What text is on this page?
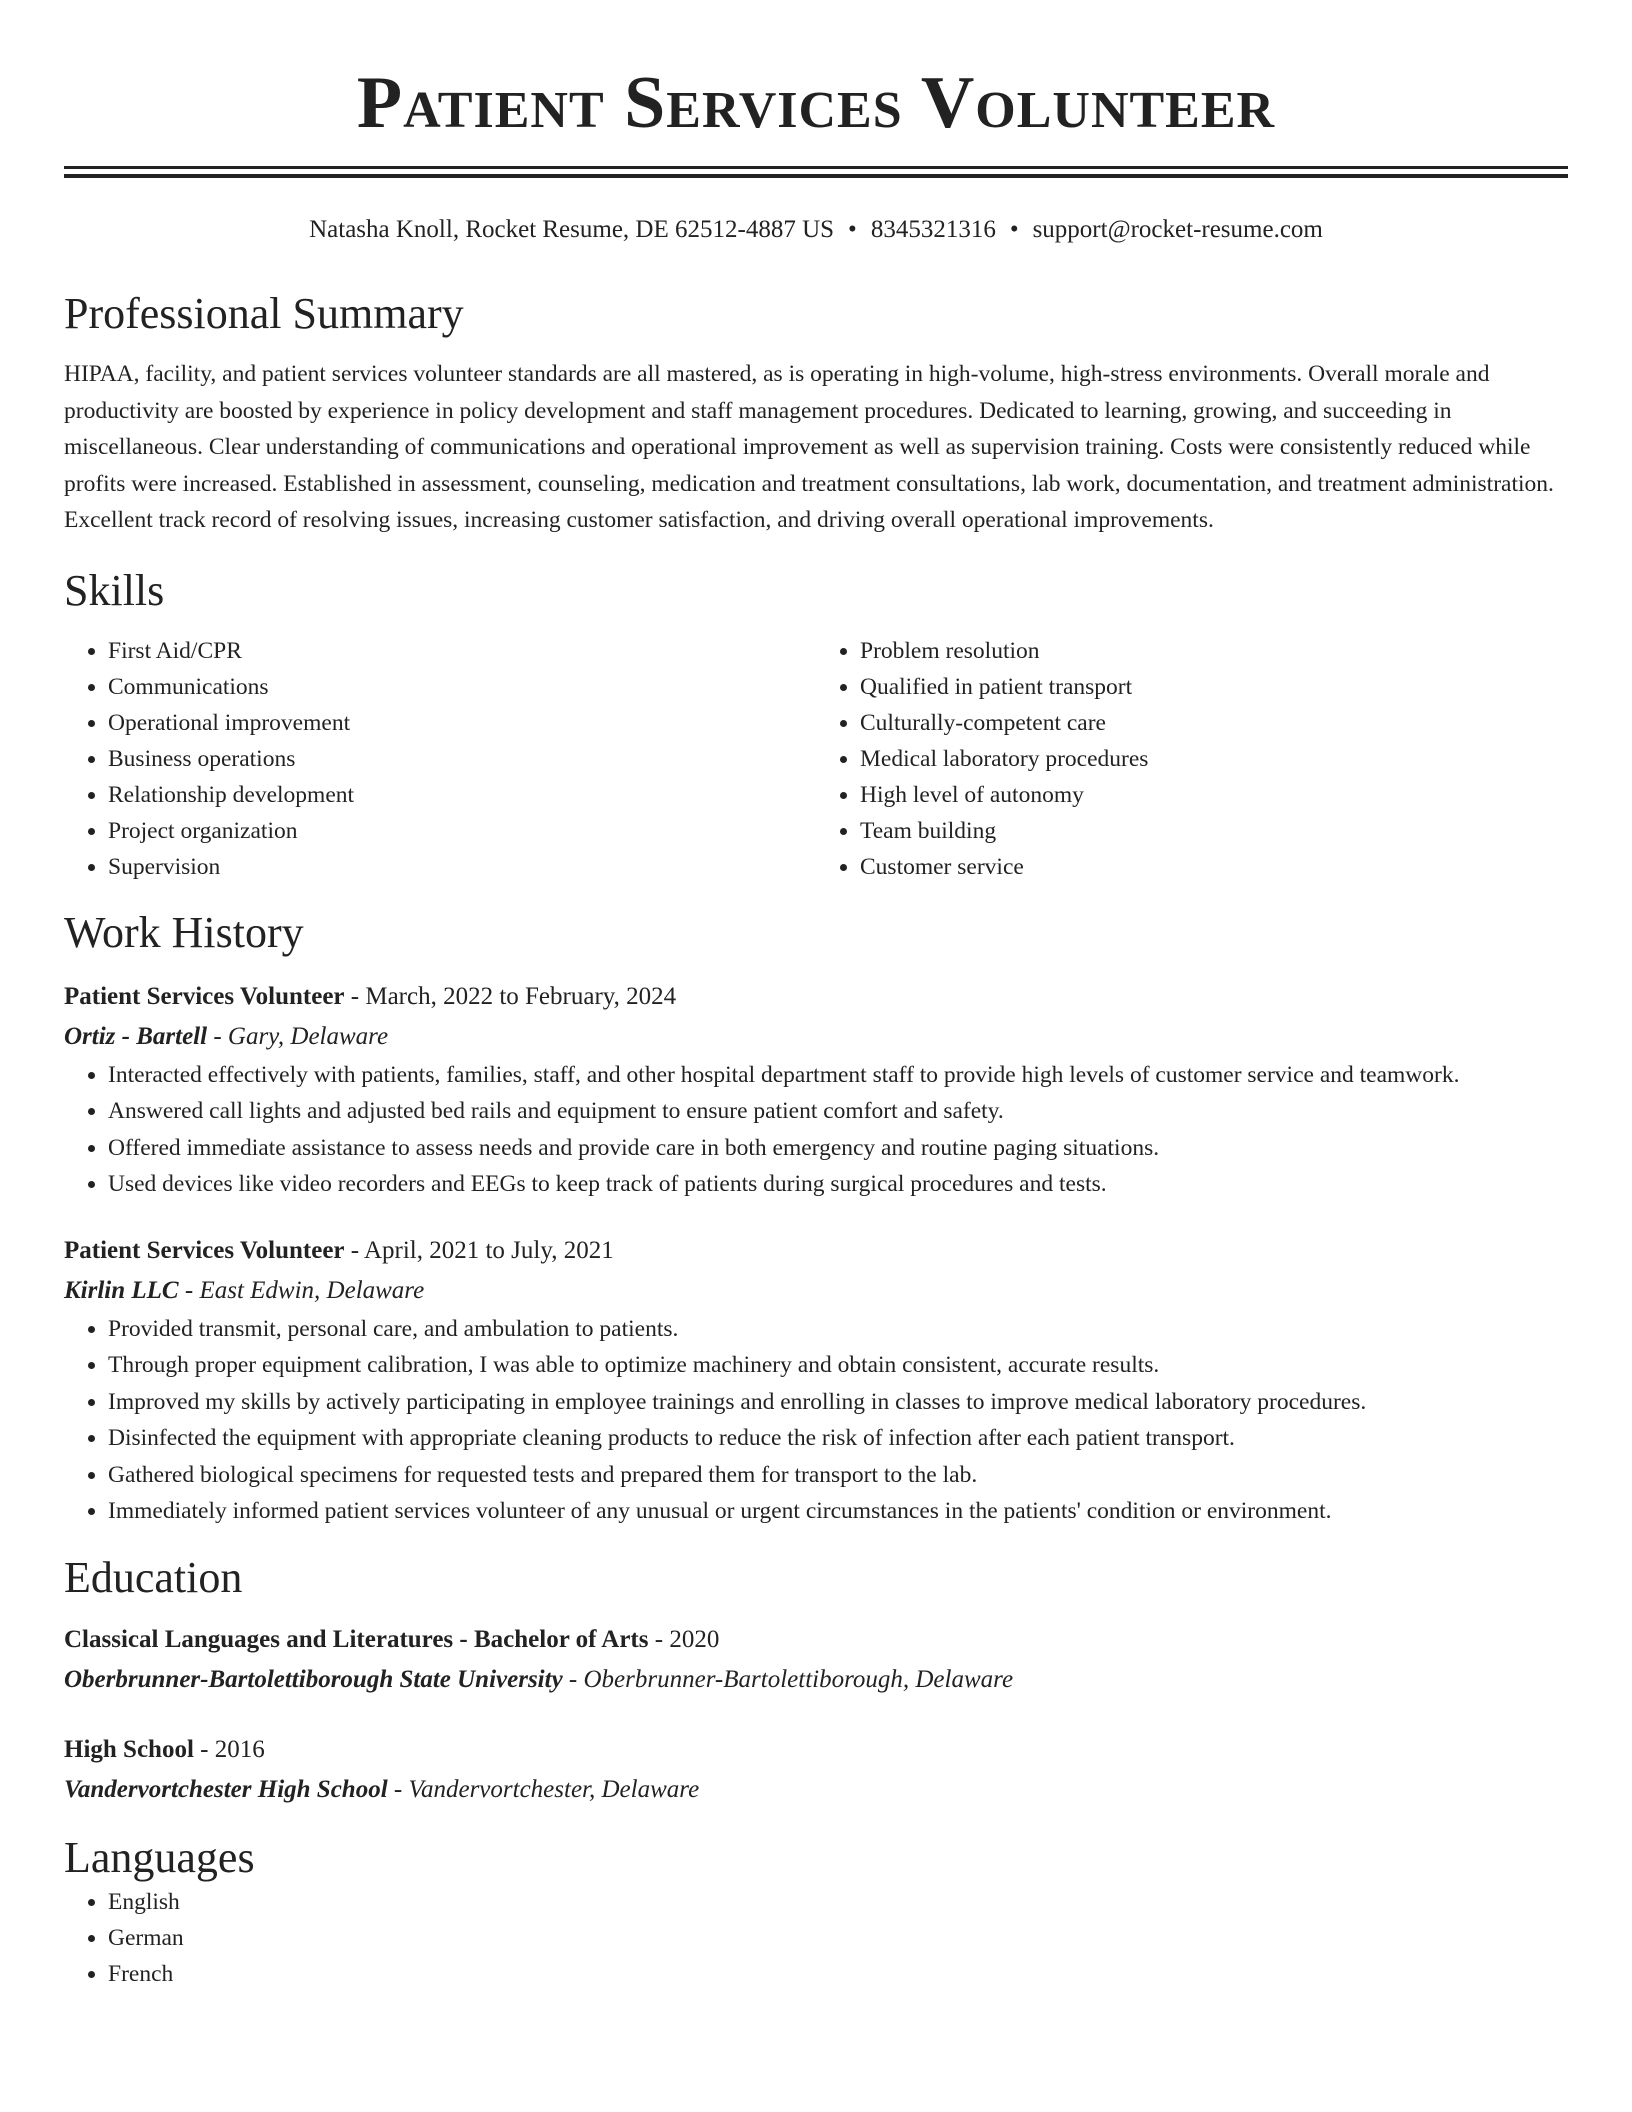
Patient Services Volunteer
Natasha Knoll, Rocket Resume, DE 62512-4887 US • 8345321316 • support@rocket-resume.com
Professional Summary

HIPAA, facility, and patient services volunteer standards are all mastered, as is operating in high-volume, high-stress environments. Overall morale and productivity are boosted by experience in policy development and staff management procedures. Dedicated to learning, growing, and succeeding in miscellaneous. Clear understanding of communications and operational improvement as well as supervision training. Costs were consistently reduced while profits were increased. Established in assessment, counseling, medication and treatment consultations, lab work, documentation, and treatment administration. Excellent track record of resolving issues, increasing customer satisfaction, and driving overall operational improvements.

Skills
• First Aid/CPR
• Communications
• Operational improvement
• Business operations
• Relationship development
• Project organization
• Supervision
• Problem resolution
• Qualified in patient transport
• Culturally-competent care
• Medical laboratory procedures
• High level of autonomy
• Team building
• Customer service
Work History
Patient Services Volunteer - March, 2022 to February, 2024
Ortiz - Bartell - Gary, Delaware
• Interacted effectively with patients, families, staff, and other hospital department staff to provide high levels of customer service and teamwork.
• Answered call lights and adjusted bed rails and equipment to ensure patient comfort and safety.
• Offered immediate assistance to assess needs and provide care in both emergency and routine paging situations.
• Used devices like video recorders and EEGs to keep track of patients during surgical procedures and tests.
Patient Services Volunteer - April, 2021 to July, 2021
Kirlin LLC - East Edwin, Delaware
• Provided transmit, personal care, and ambulation to patients.
• Through proper equipment calibration, I was able to optimize machinery and obtain consistent, accurate results.
• Improved my skills by actively participating in employee trainings and enrolling in classes to improve medical laboratory procedures.
• Disinfected the equipment with appropriate cleaning products to reduce the risk of infection after each patient transport.
• Gathered biological specimens for requested tests and prepared them for transport to the lab.
• Immediately informed patient services volunteer of any unusual or urgent circumstances in the patients' condition or environment.
Education
Classical Languages and Literatures - Bachelor of Arts - 2020
Oberbrunner-Bartolettiborough State University - Oberbrunner-Bartolettiborough, Delaware
High School - 2016
Vandervortchester High School - Vandervortchester, Delaware
Languages
• English
• German
• French
